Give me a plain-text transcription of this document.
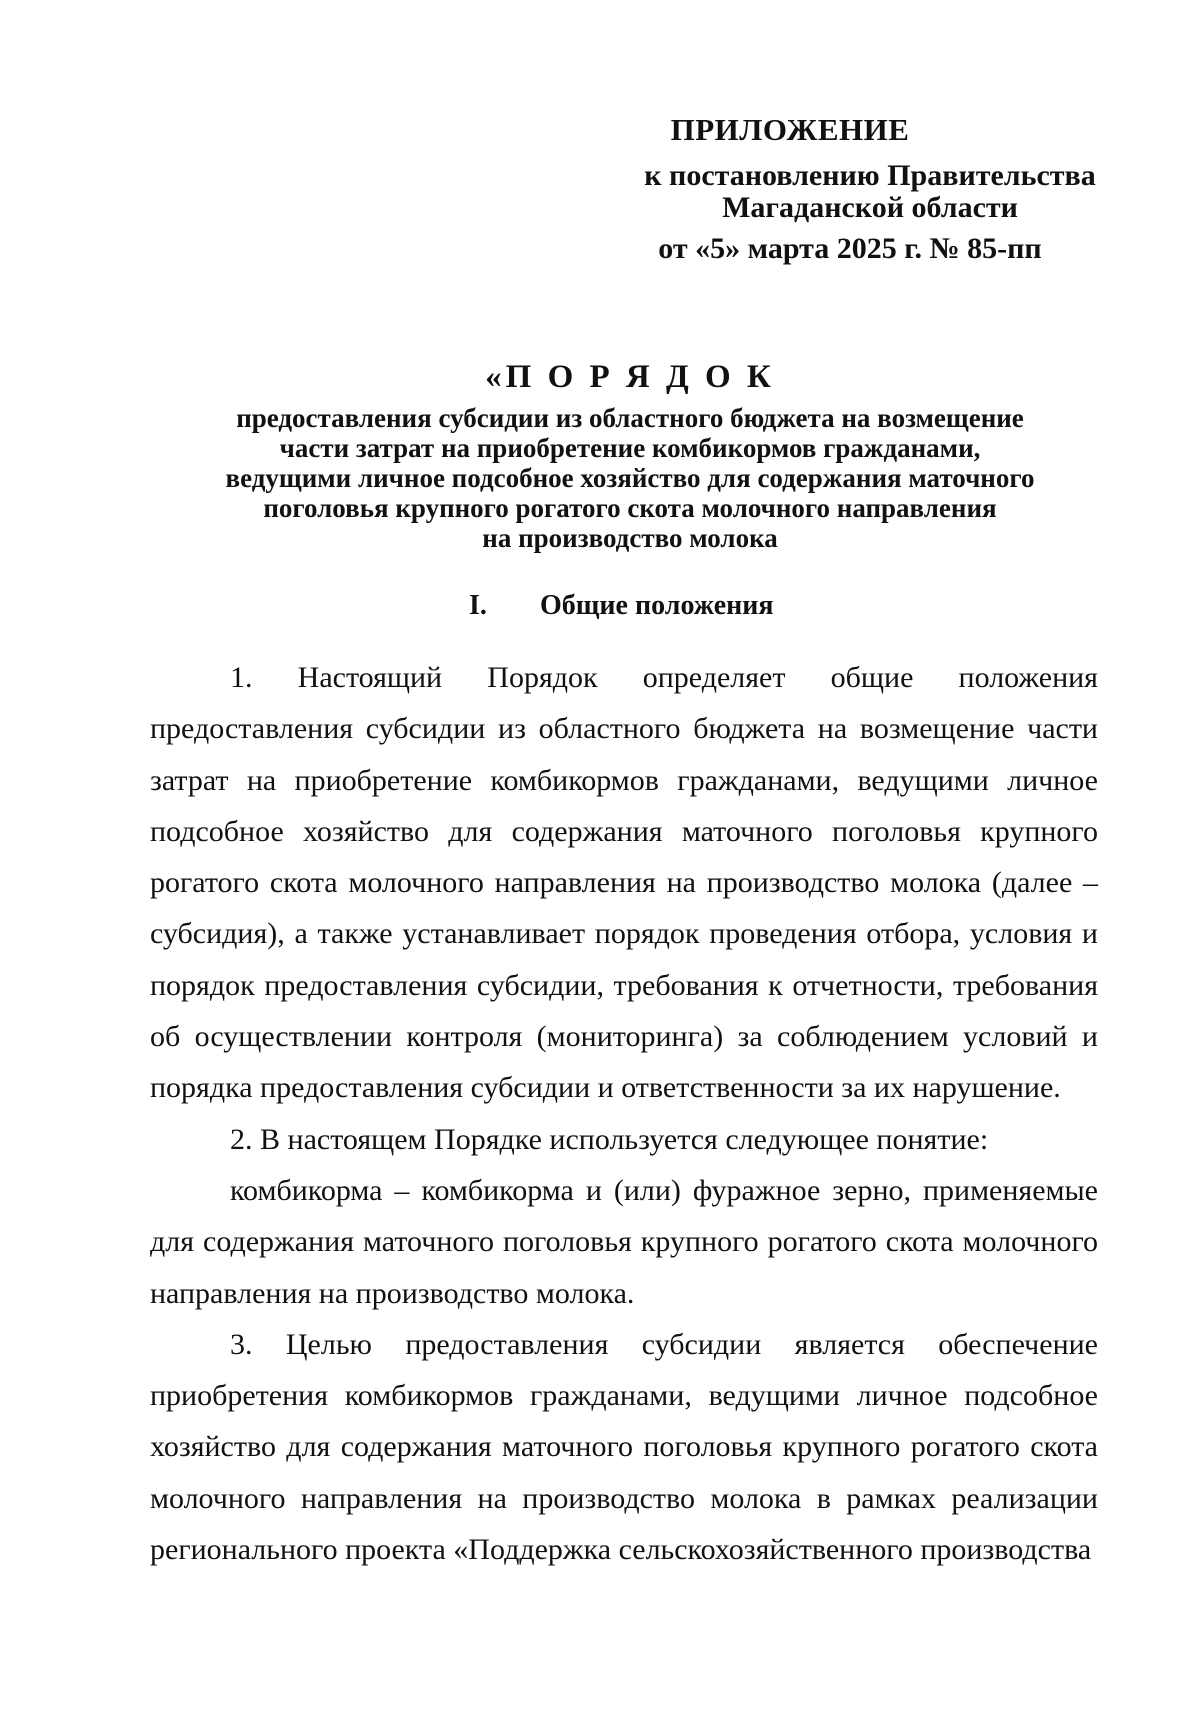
ПРИЛОЖЕНИЕ
к постановлению Правительства
Магаданской области
от «5» марта 2025 г. № 85-пп
«П О Р Я Д О К
предоставления субсидии из областного бюджета на возмещение
части затрат на приобретение комбикормов гражданами,
ведущими личное подсобное хозяйство для содержания маточного
поголовья крупного рогатого скота молочного направления
на производство молока
I. Общие положения

1. Настоящий Порядок определяет общие положения предоставления субсидии из областного бюджета на возмещение части затрат на приобретение комбикормов гражданами, ведущими личное подсобное хозяйство для содержания маточного поголовья крупного рогатого скота молочного направления на производство молока (далее – субсидия), а также устанавливает порядок проведения отбора, условия и порядок предоставления субсидии, требования к отчетности, требования об осуществлении контроля (мониторинга) за соблюдением условий и порядка предоставления субсидии и ответственности за их нарушение.

2. В настоящем Порядке используется следующее понятие:

комбикорма – комбикорма и (или) фуражное зерно, применяемые для содержания маточного поголовья крупного рогатого скота молочного направления на производство молока.

3. Целью предоставления субсидии является обеспечение приобретения комбикормов гражданами, ведущими личное подсобное хозяйство для содержания маточного поголовья крупного рогатого скота молочного направления на производство молока в рамках реализации регионального проекта «Поддержка сельскохозяйственного производства
